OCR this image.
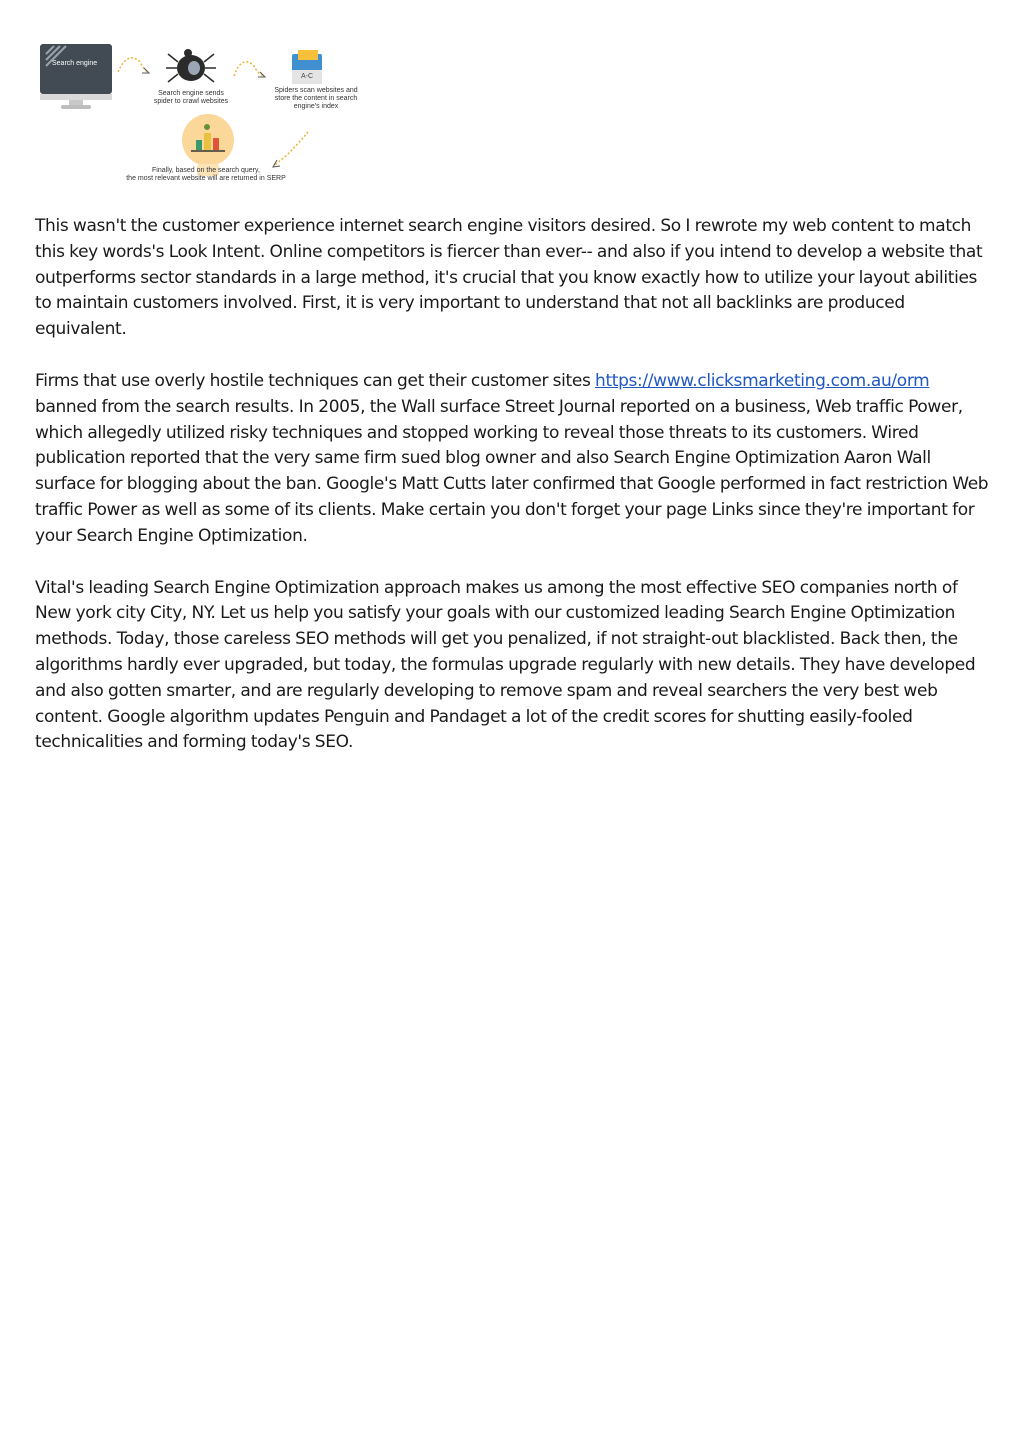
Search engine
A-C
Search engine sends
spider to crawl websites
Spiders scan websites and
store the content in search
engine's index
Finally, based on the search query,
the most relevant website will are returned in SERP

This wasn't the customer experience internet search engine visitors desired. So I rewrote my web content to match this key words's Look Intent. Online competitors is fiercer than ever-- and also if you intend to develop a website that outperforms sector standards in a large method, it's crucial that you know exactly how to utilize your layout abilities to maintain customers involved. First, it is very important to understand that not all backlinks are produced equivalent.

Firms that use overly hostile techniques can get their customer sites https://www.clicksmarketing.com.au/orm banned from the search results. In 2005, the Wall surface Street Journal reported on a business, Web traffic Power, which allegedly utilized risky techniques and stopped working to reveal those threats to its customers. Wired publication reported that the very same firm sued blog owner and also Search Engine Optimization Aaron Wall surface for blogging about the ban. Google's Matt Cutts later confirmed that Google performed in fact restriction Web traffic Power as well as some of its clients. Make certain you don't forget your page Links since they're important for your Search Engine Optimization.

Vital's leading Search Engine Optimization approach makes us among the most effective SEO companies north of New york city City, NY. Let us help you satisfy your goals with our customized leading Search Engine Optimization methods. Today, those careless SEO methods will get you penalized, if not straight-out blacklisted. Back then, the algorithms hardly ever upgraded, but today, the formulas upgrade regularly with new details. They have developed and also gotten smarter, and are regularly developing to remove spam and reveal searchers the very best web content. Google algorithm updates Penguin and Pandaget a lot of the credit scores for shutting easily-fooled technicalities and forming today's SEO.
